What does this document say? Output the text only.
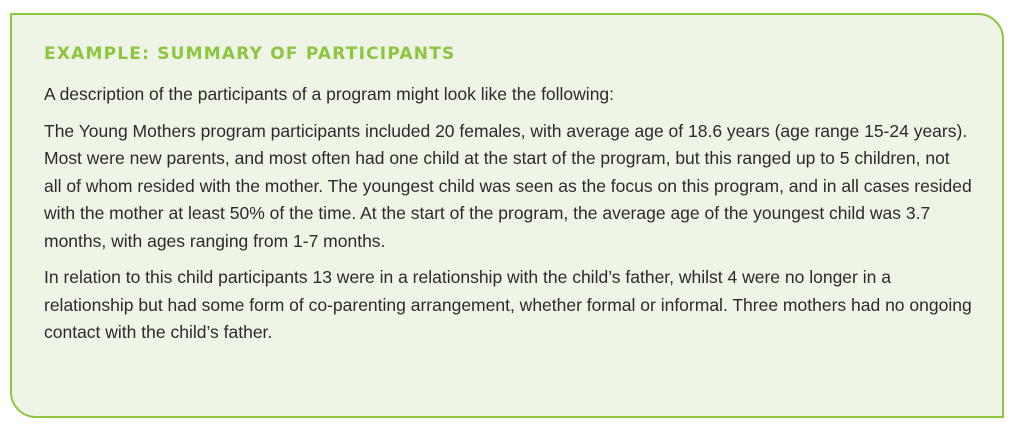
EXAMPLE: SUMMARY OF PARTICIPANTS

A description of the participants of a program might look like the following:

The Young Mothers program participants included 20 females, with average age of 18.6 years (age range 15-24 years). Most were new parents, and most often had one child at the start of the program, but this ranged up to 5 children, not all of whom resided with the mother. The youngest child was seen as the focus on this program, and in all cases resided with the mother at least 50% of the time. At the start of the program, the average age of the youngest child was 3.7 months, with ages ranging from 1-7 months.

In relation to this child participants 13 were in a relationship with the child’s father, whilst 4 were no longer in a relationship but had some form of co-parenting arrangement, whether formal or informal. Three mothers had no ongoing contact with the child’s father.
